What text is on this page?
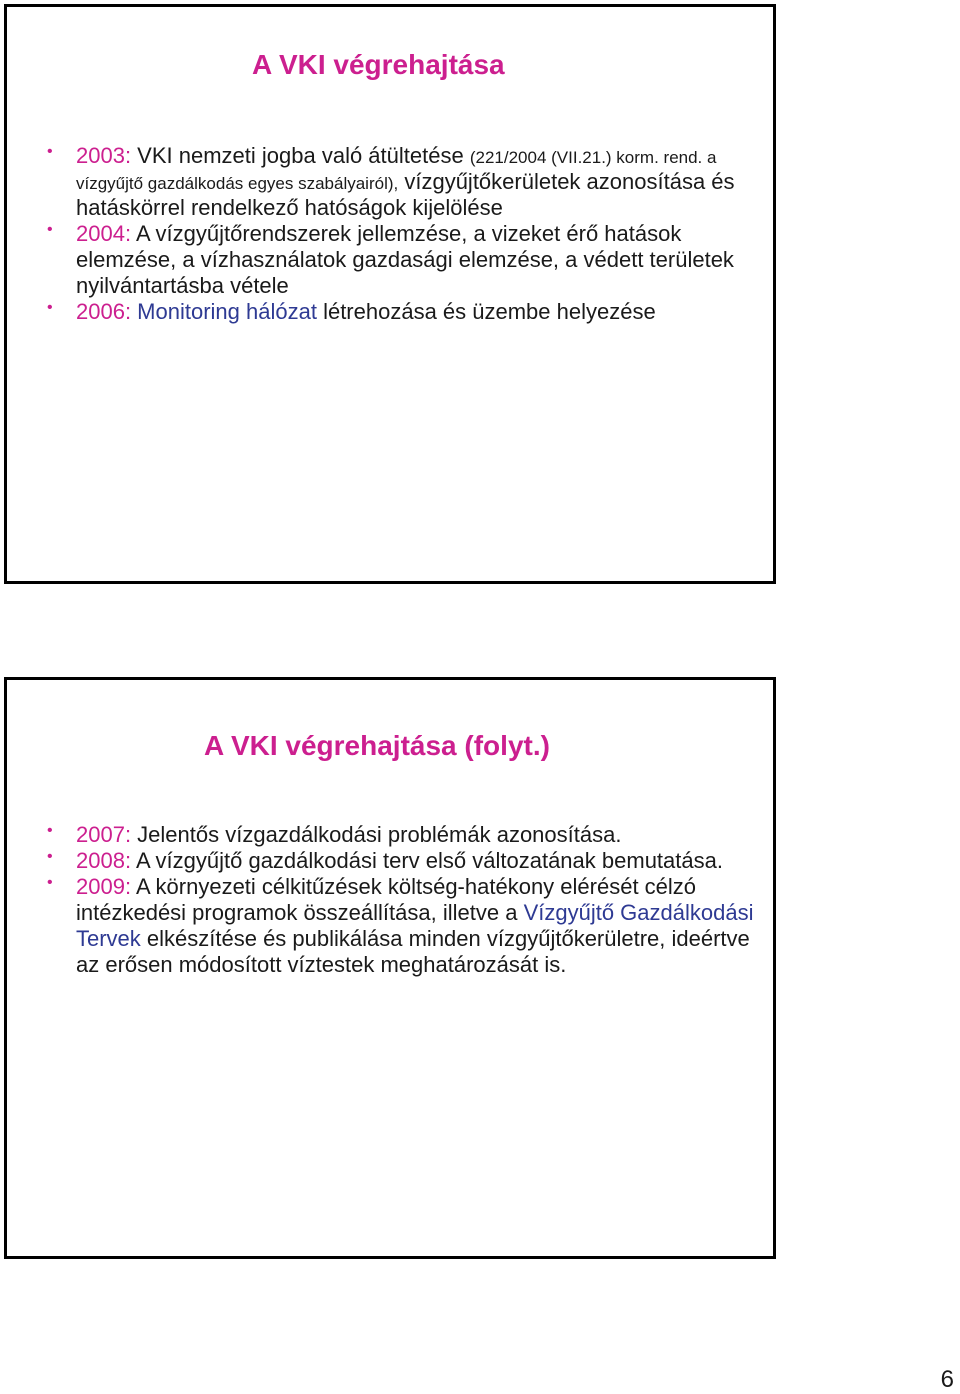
A VKI végrehajtása
• 2003: VKI nemzeti jogba való átültetése (221/2004 (VII.21.) korm. rend. a vízgyűjtő gazdálkodás egyes szabályairól), vízgyűjtőkerületek azonosítása és hatáskörrel rendelkező hatóságok kijelölése
• 2004: A vízgyűjtőrendszerek jellemzése, a vizeket érő hatások elemzése, a vízhasználatok gazdasági elemzése, a védett területek nyilvántartásba vétele
• 2006: Monitoring hálózat létrehozása és üzembe helyezése
A VKI végrehajtása (folyt.)
• 2007: Jelentős vízgazdálkodási problémák azonosítása.
• 2008: A vízgyűjtő gazdálkodási terv első változatának bemutatása.
• 2009: A környezeti célkitűzések költség-hatékony elérését célzó intézkedési programok összeállítása, illetve a Vízgyűjtő Gazdálkodási Tervek elkészítése és publikálása minden vízgyűjtőkerületre, ideértve az erősen módosított víztestek meghatározását is.

6
